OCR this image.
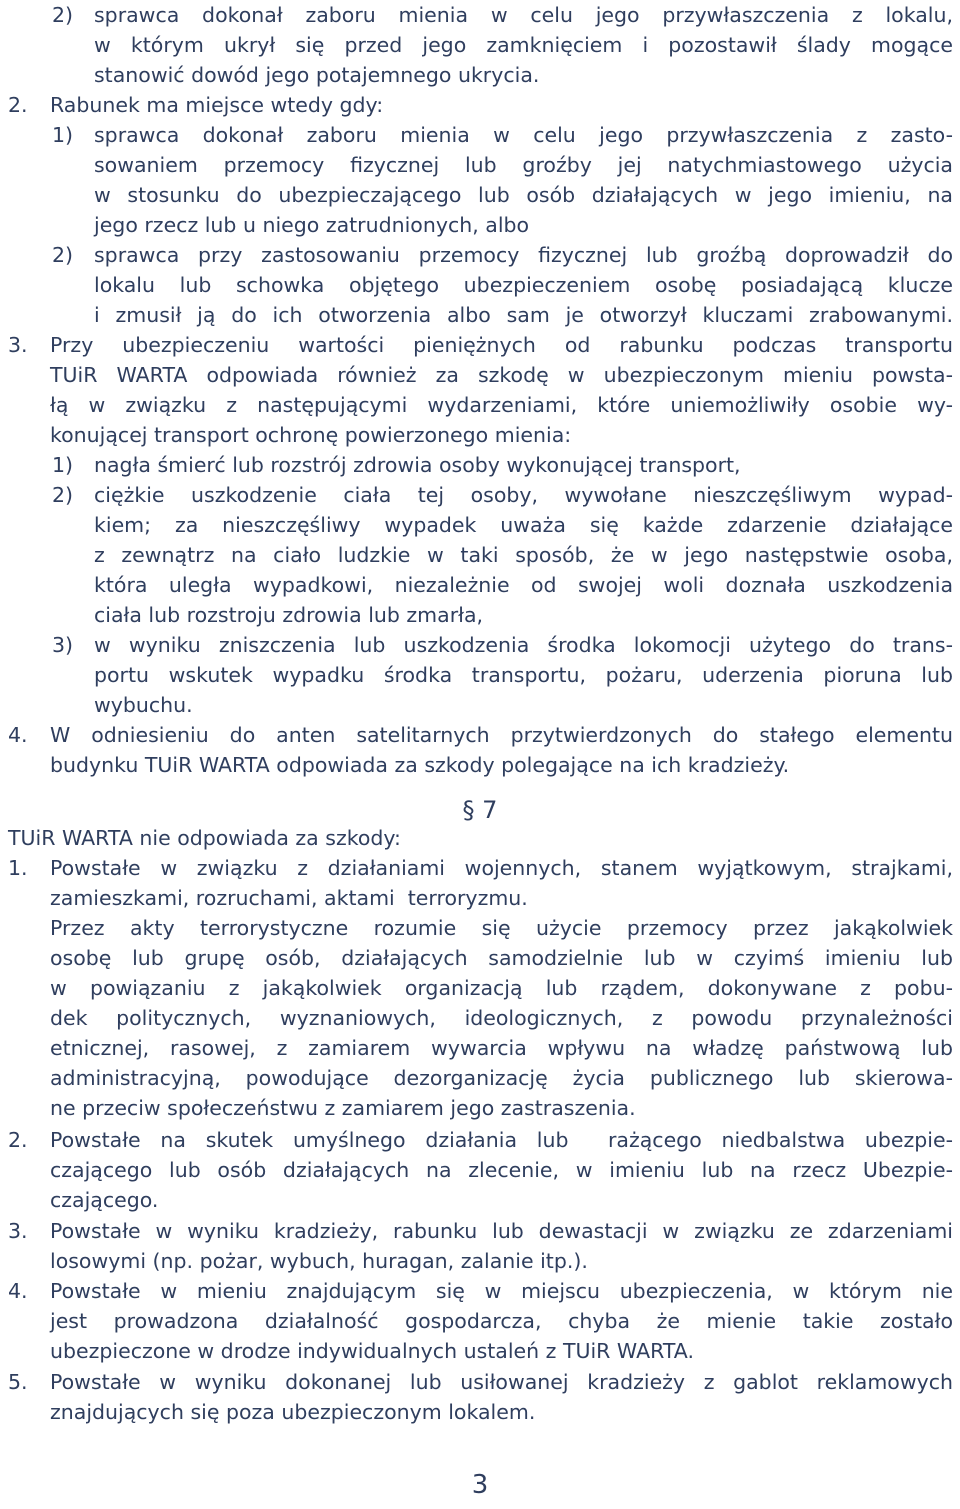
2) sprawca dokonał zaboru mienia w celu jego przywłaszczenia z lokalu,
w którym ukrył się przed jego zamknięciem i pozostawił ślady mogące
stanowić dowód jego potajemnego ukrycia.
2. Rabunek ma miejsce wtedy gdy:
1) sprawca dokonał zaboru mienia w celu jego przywłaszczenia z zasto-
sowaniem przemocy fizycznej lub groźby jej natychmiastowego użycia
w stosunku do ubezpieczającego lub osób działających w jego imieniu, na
jego rzecz lub u niego zatrudnionych, albo
2) sprawca przy zastosowaniu przemocy fizycznej lub groźbą doprowadził do
lokalu lub schowka objętego ubezpieczeniem osobę posiadającą klucze
i zmusił ją do ich otworzenia albo sam je otworzył kluczami zrabowanymi.
3. Przy ubezpieczeniu wartości pieniężnych od rabunku podczas transportu
TUiR WARTA odpowiada również za szkodę w ubezpieczonym mieniu powsta-
łą w związku z następującymi wydarzeniami, które uniemożliwiły osobie wy-
konującej transport ochronę powierzonego mienia:
1) nagła śmierć lub rozstrój zdrowia osoby wykonującej transport,
2) ciężkie uszkodzenie ciała tej osoby, wywołane nieszczęśliwym wypad-
kiem; za nieszczęśliwy wypadek uważa się każde zdarzenie działające
z zewnątrz na ciało ludzkie w taki sposób, że w jego następstwie osoba,
która uległa wypadkowi, niezależnie od swojej woli doznała uszkodzenia
ciała lub rozstroju zdrowia lub zmarła,
3) w wyniku zniszczenia lub uszkodzenia środka lokomocji użytego do trans-
portu wskutek wypadku środka transportu, pożaru, uderzenia pioruna lub
wybuchu.
4. W odniesieniu do anten satelitarnych przytwierdzonych do stałego elementu
budynku TUiR WARTA odpowiada za szkody polegające na ich kradzieży.
§ 7
TUiR WARTA nie odpowiada za szkody:
1. Powstałe w związku z działaniami wojennych, stanem wyjątkowym, strajkami,
zamieszkami, rozruchami, aktami  terroryzmu.
Przez akty terrorystyczne rozumie się użycie przemocy przez jakąkolwiek
osobę lub grupę osób, działających samodzielnie lub w czyimś imieniu lub
w powiązaniu z jakąkolwiek organizacją lub rządem, dokonywane z pobu-
dek politycznych, wyznaniowych, ideologicznych, z powodu przynależności
etnicznej, rasowej, z zamiarem wywarcia wpływu na władzę państwową lub
administracyjną, powodujące dezorganizację życia publicznego lub skierowa-
ne przeciw społeczeństwu z zamiarem jego zastraszenia.
2. Powstałe na skutek umyślnego działania lub  rażącego niedbalstwa ubezpie-
czającego lub osób działających na zlecenie, w imieniu lub na rzecz Ubezpie-
czającego.
3. Powstałe w wyniku kradzieży, rabunku lub dewastacji w związku ze zdarzeniami
losowymi (np. pożar, wybuch, huragan, zalanie itp.).
4. Powstałe w mieniu znajdującym się w miejscu ubezpieczenia, w którym nie
jest prowadzona działalność gospodarcza, chyba że mienie takie zostało
ubezpieczone w drodze indywidualnych ustaleń z TUiR WARTA.
5. Powstałe w wyniku dokonanej lub usiłowanej kradzieży z gablot reklamowych
znajdujących się poza ubezpieczonym lokalem.
3
